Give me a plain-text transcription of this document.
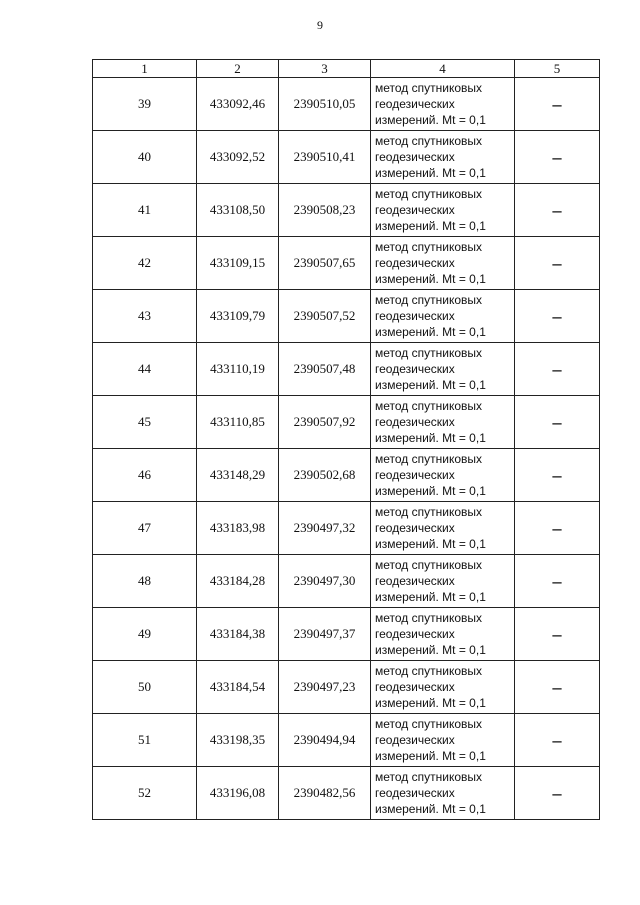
9
1	2	3	4	5
39	433092,46	2390510,05	метод спутниковых
геодезических
измерений. Mt = 0,1	–
40	433092,52	2390510,41	метод спутниковых
геодезических
измерений. Mt = 0,1	–
41	433108,50	2390508,23	метод спутниковых
геодезических
измерений. Mt = 0,1	–
42	433109,15	2390507,65	метод спутниковых
геодезических
измерений. Mt = 0,1	–
43	433109,79	2390507,52	метод спутниковых
геодезических
измерений. Mt = 0,1	–
44	433110,19	2390507,48	метод спутниковых
геодезических
измерений. Mt = 0,1	–
45	433110,85	2390507,92	метод спутниковых
геодезических
измерений. Mt = 0,1	–
46	433148,29	2390502,68	метод спутниковых
геодезических
измерений. Mt = 0,1	–
47	433183,98	2390497,32	метод спутниковых
геодезических
измерений. Mt = 0,1	–
48	433184,28	2390497,30	метод спутниковых
геодезических
измерений. Mt = 0,1	–
49	433184,38	2390497,37	метод спутниковых
геодезических
измерений. Mt = 0,1	–
50	433184,54	2390497,23	метод спутниковых
геодезических
измерений. Mt = 0,1	–
51	433198,35	2390494,94	метод спутниковых
геодезических
измерений. Mt = 0,1	–
52	433196,08	2390482,56	метод спутниковых
геодезических
измерений. Mt = 0,1	–
